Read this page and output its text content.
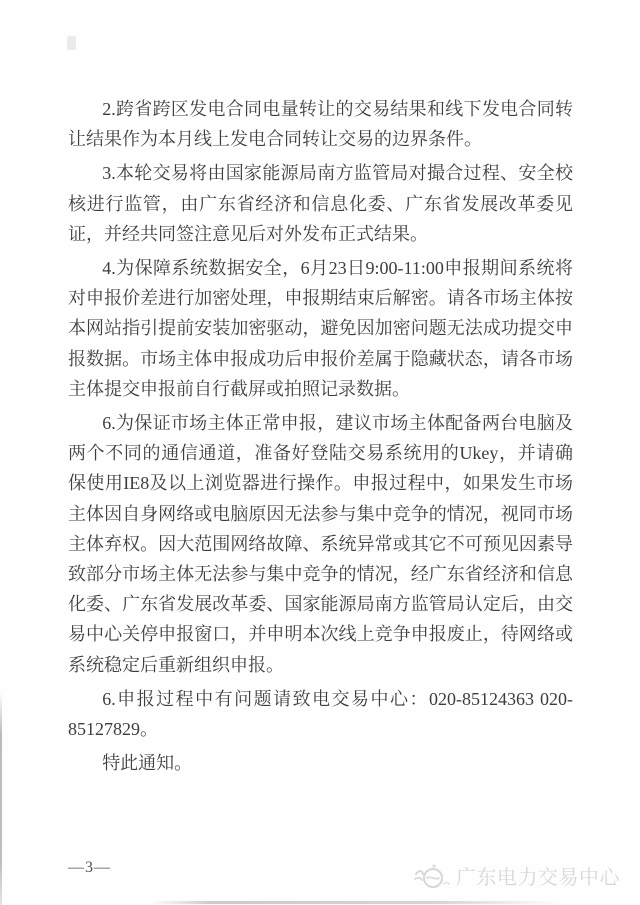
2.跨省跨区发电合同电量转让的交易结果和线下发电合同转让结果作为本月线上发电合同转让交易的边界条件。

3.本轮交易将由国家能源局南方监管局对撮合过程、安全校核进行监管，由广东省经济和信息化委、广东省发展改革委见证，并经共同签注意见后对外发布正式结果。

4.为保障系统数据安全，6月23日9:00-11:00申报期间系统将对申报价差进行加密处理，申报期结束后解密。请各市场主体按本网站指引提前安装加密驱动，避免因加密问题无法成功提交申报数据。市场主体申报成功后申报价差属于隐藏状态，请各市场主体提交申报前自行截屏或拍照记录数据。

6.为保证市场主体正常申报，建议市场主体配备两台电脑及两个不同的通信通道，准备好登陆交易系统用的Ukey，并请确保使用IE8及以上浏览器进行操作。申报过程中，如果发生市场主体因自身网络或电脑原因无法参与集中竞争的情况，视同市场主体弃权。因大范围网络故障、系统异常或其它不可预见因素导致部分市场主体无法参与集中竞争的情况，经广东省经济和信息化委、广东省发展改革委、国家能源局南方监管局认定后，由交易中心关停申报窗口，并申明本次线上竞争申报废止，待网络或系统稳定后重新组织申报。

6.申报过程中有问题请致电交易中心：020-85124363 020-85127829。

特此通知。

—3—	广东电力交易中心
